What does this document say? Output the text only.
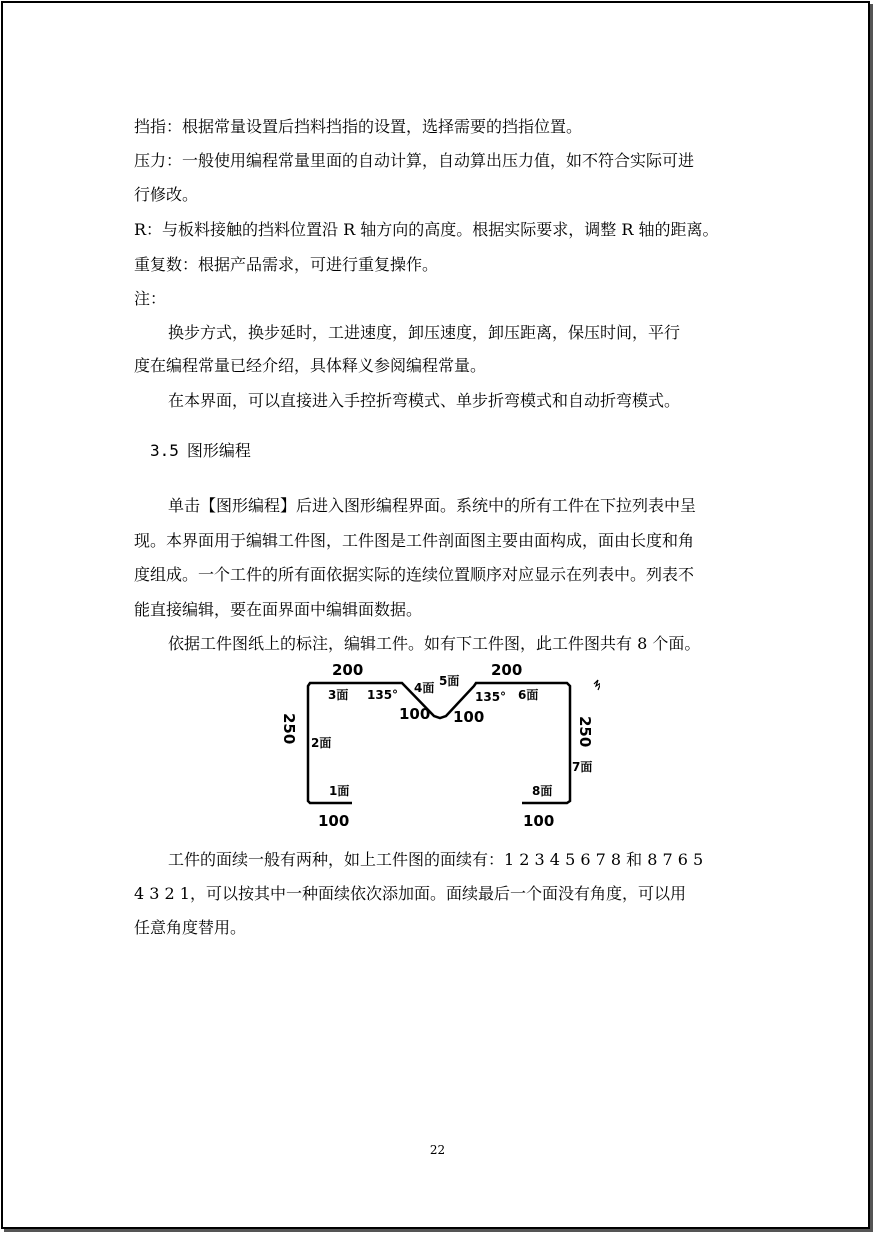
挡指：根据常量设置后挡料挡指的设置，选择需要的挡指位置。

压力：一般使用编程常量里面的自动计算，自动算出压力值，如不符合实际可进

行修改。

R：与板料接触的挡料位置沿 R 轴方向的高度。根据实际要求，调整 R 轴的距离。

重复数：根据产品需求，可进行重复操作。

注：

换步方式，换步延时，工进速度，卸压速度，卸压距离，保压时间，平行

度在编程常量已经介绍，具体释义参阅编程常量。

在本界面，可以直接进入手控折弯模式、单步折弯模式和自动折弯模式。

3.5 图形编程

单击【图形编程】后进入图形编程界面。系统中的所有工件在下拉列表中呈

现。本界面用于编辑工件图，工件图是工件剖面图主要由面构成，面由长度和角

度组成。一个工件的所有面依据实际的连续位置顺序对应显示在列表中。列表不

能直接编辑，要在面界面中编辑面数据。

依据工件图纸上的标注，编辑工件。如有下工件图，此工件图共有 8 个面。

200	200
250	250
100	100
100 100
135°	135°
1面
2面
3面	4面 5面
6面
7面
8面

工件的面续一般有两种，如上工件图的面续有：1 2 3 4 5 6 7 8 和 8 7 6 5

4 3 2 1，可以按其中一种面续依次添加面。面续最后一个面没有角度，可以用

任意角度替用。

22
